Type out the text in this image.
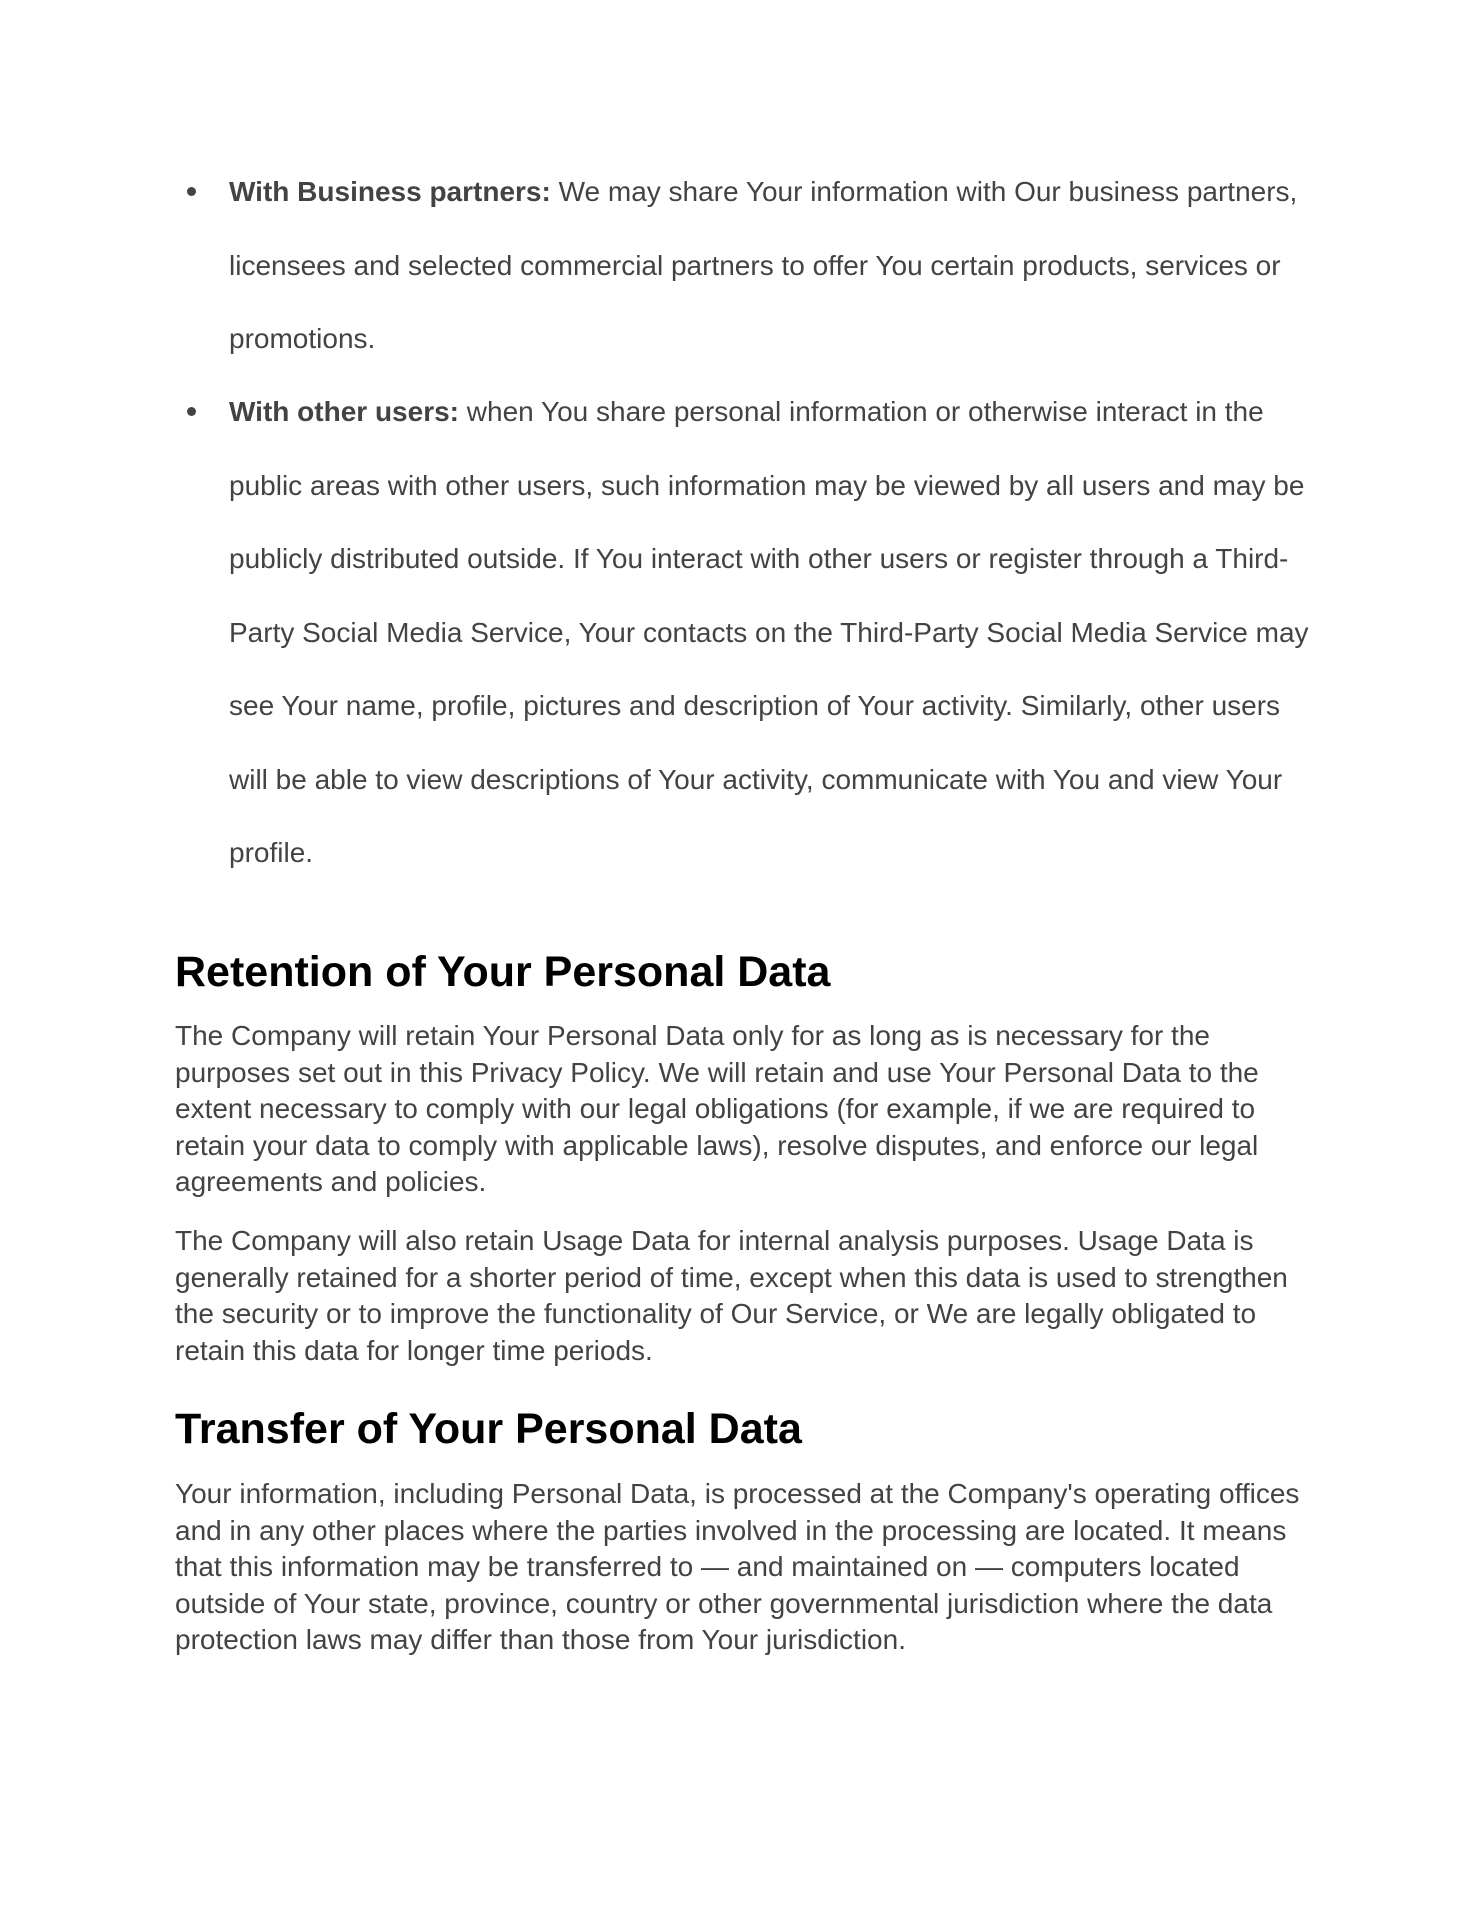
With Business partners: We may share Your information with Our business partners, licensees and selected commercial partners to offer You certain products, services or promotions.
With other users: when You share personal information or otherwise interact in the public areas with other users, such information may be viewed by all users and may be publicly distributed outside. If You interact with other users or register through a Third-Party Social Media Service, Your contacts on the Third-Party Social Media Service may see Your name, profile, pictures and description of Your activity. Similarly, other users will be able to view descriptions of Your activity, communicate with You and view Your profile.
Retention of Your Personal Data

The Company will retain Your Personal Data only for as long as is necessary for the purposes set out in this Privacy Policy. We will retain and use Your Personal Data to the extent necessary to comply with our legal obligations (for example, if we are required to retain your data to comply with applicable laws), resolve disputes, and enforce our legal agreements and policies.

The Company will also retain Usage Data for internal analysis purposes. Usage Data is generally retained for a shorter period of time, except when this data is used to strengthen the security or to improve the functionality of Our Service, or We are legally obligated to retain this data for longer time periods.

Transfer of Your Personal Data

Your information, including Personal Data, is processed at the Company's operating offices and in any other places where the parties involved in the processing are located. It means that this information may be transferred to — and maintained on — computers located outside of Your state, province, country or other governmental jurisdiction where the data protection laws may differ than those from Your jurisdiction.
